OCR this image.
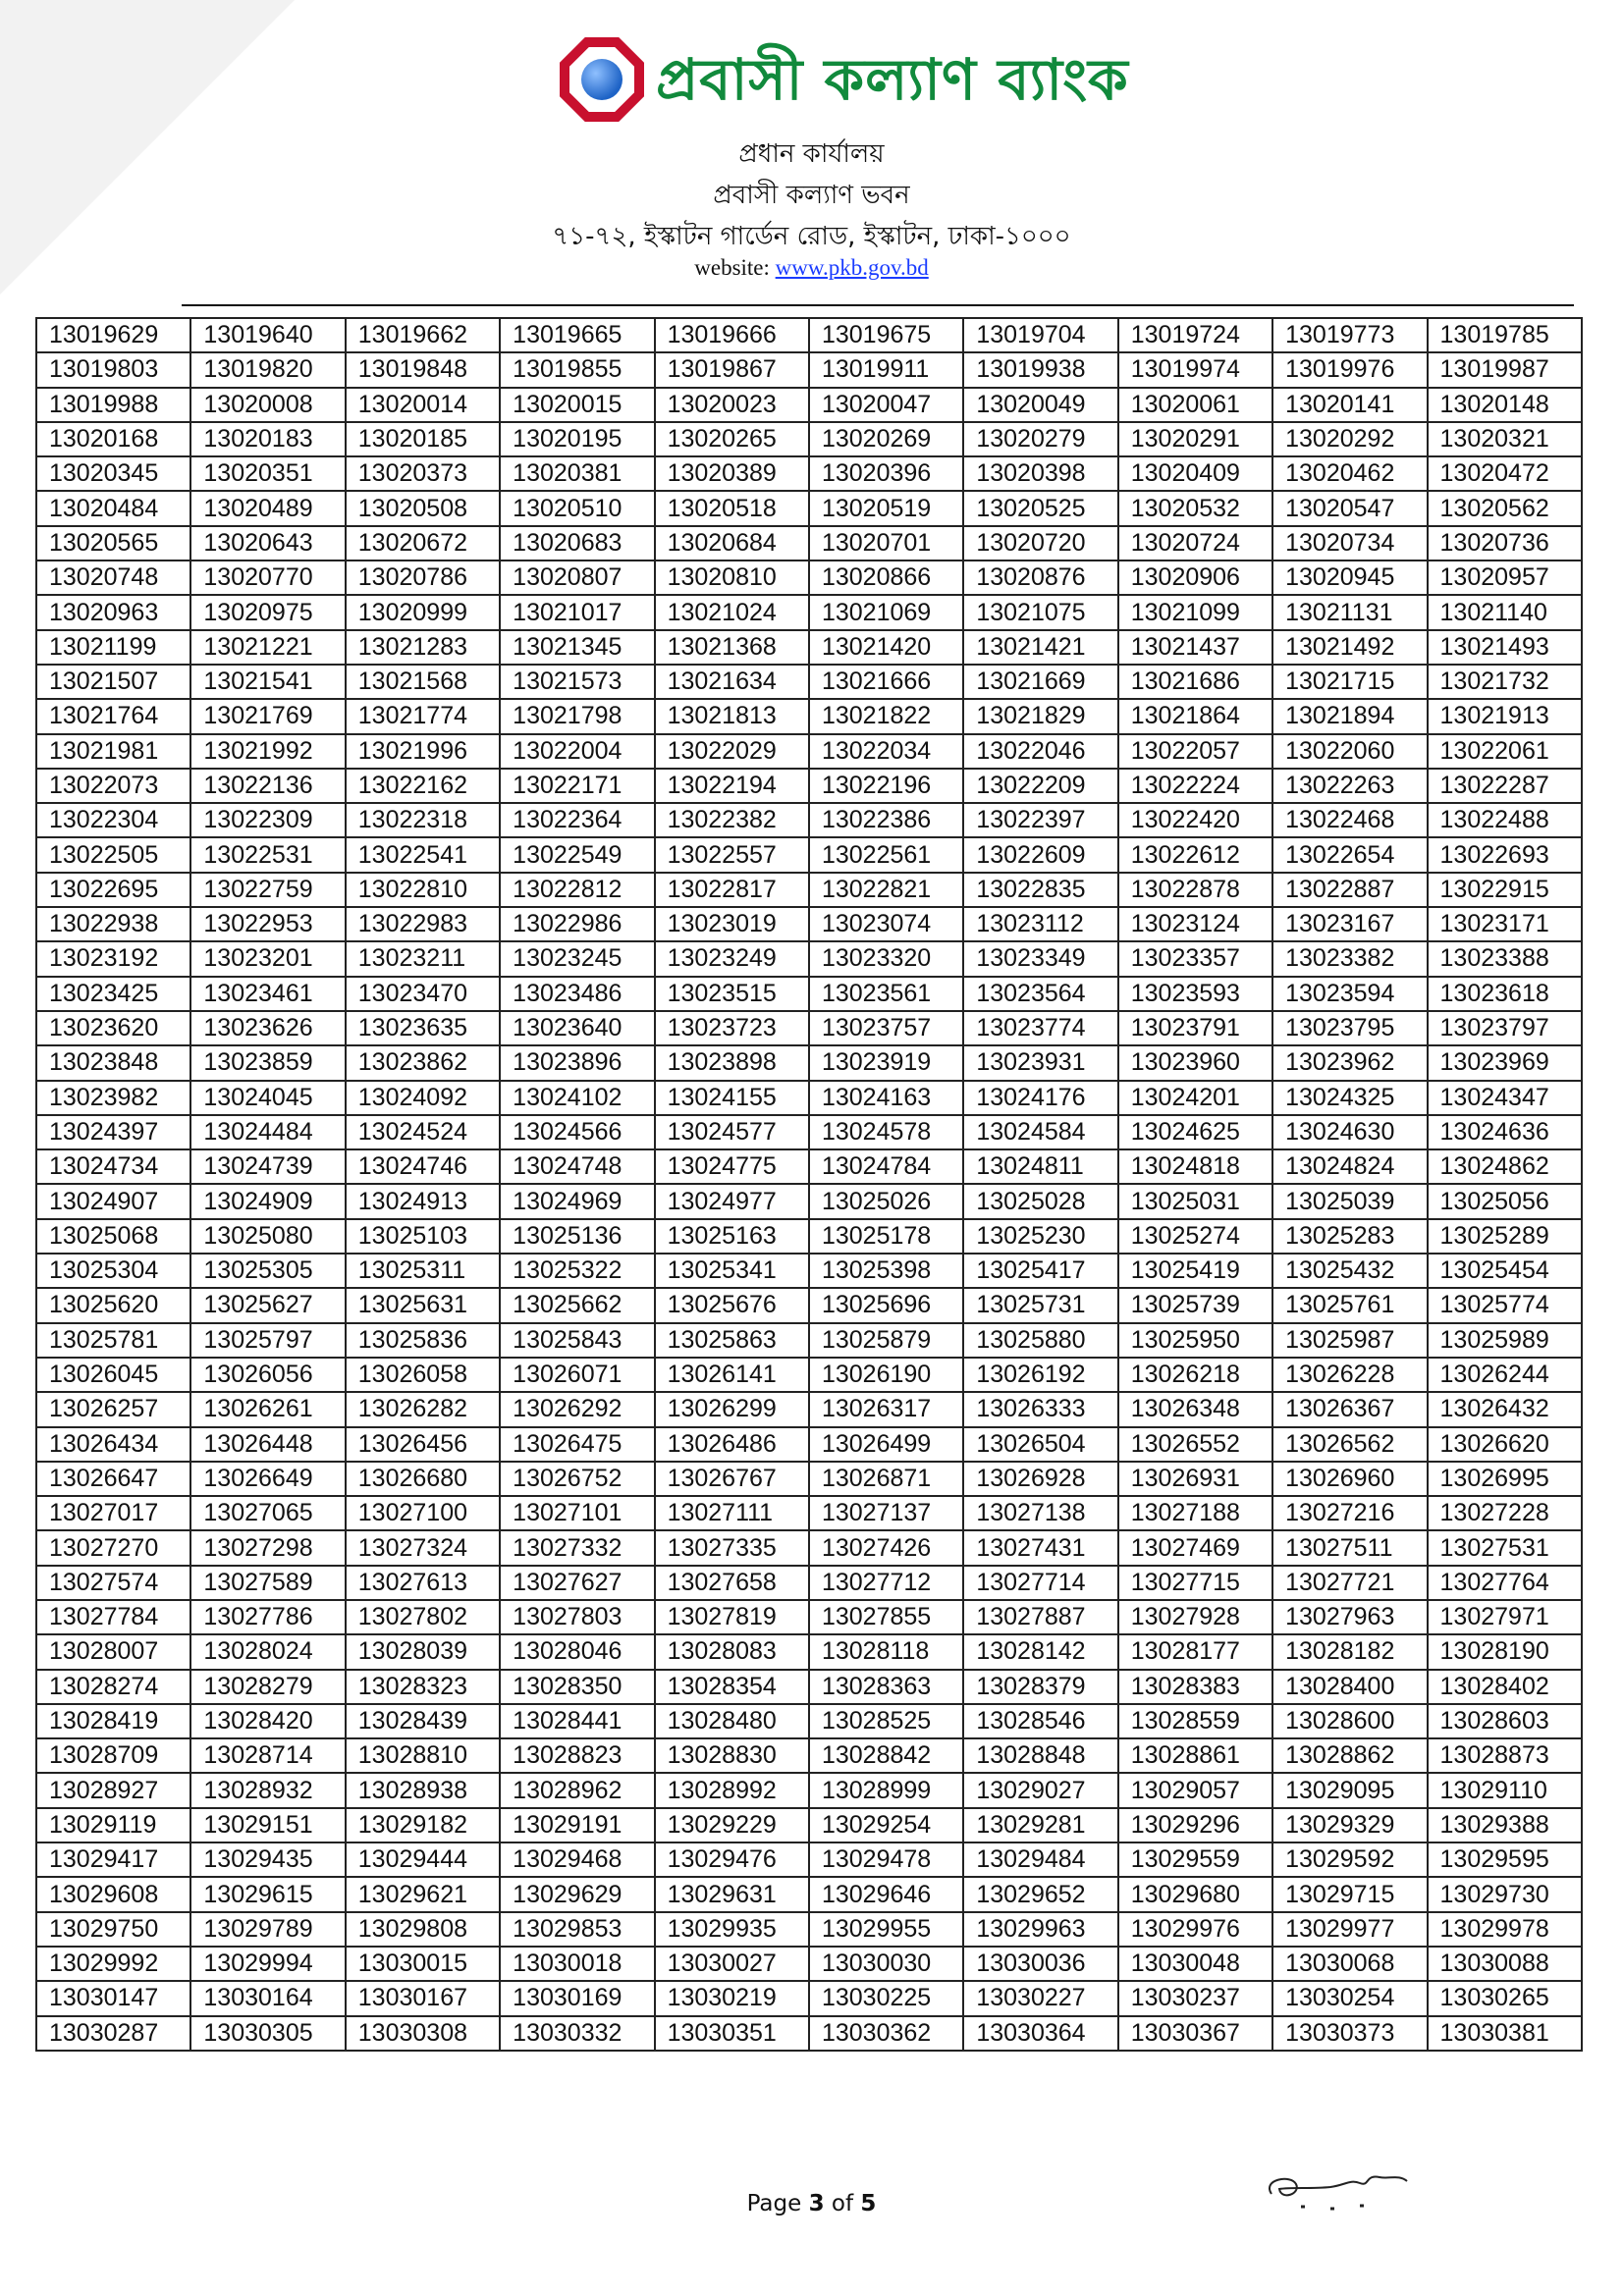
প্রবাসী কল্যাণ ব্যাংক
প্রধান কার্যালয়
প্রবাসী কল্যাণ ভবন
৭১-৭২, ইস্কাটন গার্ডেন রোড, ইস্কাটন, ঢাকা-১০০০
website: www.pkb.gov.bd
13019629	13019640	13019662	13019665	13019666	13019675	13019704	13019724	13019773	13019785
13019803	13019820	13019848	13019855	13019867	13019911	13019938	13019974	13019976	13019987
13019988	13020008	13020014	13020015	13020023	13020047	13020049	13020061	13020141	13020148
13020168	13020183	13020185	13020195	13020265	13020269	13020279	13020291	13020292	13020321
13020345	13020351	13020373	13020381	13020389	13020396	13020398	13020409	13020462	13020472
13020484	13020489	13020508	13020510	13020518	13020519	13020525	13020532	13020547	13020562
13020565	13020643	13020672	13020683	13020684	13020701	13020720	13020724	13020734	13020736
13020748	13020770	13020786	13020807	13020810	13020866	13020876	13020906	13020945	13020957
13020963	13020975	13020999	13021017	13021024	13021069	13021075	13021099	13021131	13021140
13021199	13021221	13021283	13021345	13021368	13021420	13021421	13021437	13021492	13021493
13021507	13021541	13021568	13021573	13021634	13021666	13021669	13021686	13021715	13021732
13021764	13021769	13021774	13021798	13021813	13021822	13021829	13021864	13021894	13021913
13021981	13021992	13021996	13022004	13022029	13022034	13022046	13022057	13022060	13022061
13022073	13022136	13022162	13022171	13022194	13022196	13022209	13022224	13022263	13022287
13022304	13022309	13022318	13022364	13022382	13022386	13022397	13022420	13022468	13022488
13022505	13022531	13022541	13022549	13022557	13022561	13022609	13022612	13022654	13022693
13022695	13022759	13022810	13022812	13022817	13022821	13022835	13022878	13022887	13022915
13022938	13022953	13022983	13022986	13023019	13023074	13023112	13023124	13023167	13023171
13023192	13023201	13023211	13023245	13023249	13023320	13023349	13023357	13023382	13023388
13023425	13023461	13023470	13023486	13023515	13023561	13023564	13023593	13023594	13023618
13023620	13023626	13023635	13023640	13023723	13023757	13023774	13023791	13023795	13023797
13023848	13023859	13023862	13023896	13023898	13023919	13023931	13023960	13023962	13023969
13023982	13024045	13024092	13024102	13024155	13024163	13024176	13024201	13024325	13024347
13024397	13024484	13024524	13024566	13024577	13024578	13024584	13024625	13024630	13024636
13024734	13024739	13024746	13024748	13024775	13024784	13024811	13024818	13024824	13024862
13024907	13024909	13024913	13024969	13024977	13025026	13025028	13025031	13025039	13025056
13025068	13025080	13025103	13025136	13025163	13025178	13025230	13025274	13025283	13025289
13025304	13025305	13025311	13025322	13025341	13025398	13025417	13025419	13025432	13025454
13025620	13025627	13025631	13025662	13025676	13025696	13025731	13025739	13025761	13025774
13025781	13025797	13025836	13025843	13025863	13025879	13025880	13025950	13025987	13025989
13026045	13026056	13026058	13026071	13026141	13026190	13026192	13026218	13026228	13026244
13026257	13026261	13026282	13026292	13026299	13026317	13026333	13026348	13026367	13026432
13026434	13026448	13026456	13026475	13026486	13026499	13026504	13026552	13026562	13026620
13026647	13026649	13026680	13026752	13026767	13026871	13026928	13026931	13026960	13026995
13027017	13027065	13027100	13027101	13027111	13027137	13027138	13027188	13027216	13027228
13027270	13027298	13027324	13027332	13027335	13027426	13027431	13027469	13027511	13027531
13027574	13027589	13027613	13027627	13027658	13027712	13027714	13027715	13027721	13027764
13027784	13027786	13027802	13027803	13027819	13027855	13027887	13027928	13027963	13027971
13028007	13028024	13028039	13028046	13028083	13028118	13028142	13028177	13028182	13028190
13028274	13028279	13028323	13028350	13028354	13028363	13028379	13028383	13028400	13028402
13028419	13028420	13028439	13028441	13028480	13028525	13028546	13028559	13028600	13028603
13028709	13028714	13028810	13028823	13028830	13028842	13028848	13028861	13028862	13028873
13028927	13028932	13028938	13028962	13028992	13028999	13029027	13029057	13029095	13029110
13029119	13029151	13029182	13029191	13029229	13029254	13029281	13029296	13029329	13029388
13029417	13029435	13029444	13029468	13029476	13029478	13029484	13029559	13029592	13029595
13029608	13029615	13029621	13029629	13029631	13029646	13029652	13029680	13029715	13029730
13029750	13029789	13029808	13029853	13029935	13029955	13029963	13029976	13029977	13029978
13029992	13029994	13030015	13030018	13030027	13030030	13030036	13030048	13030068	13030088
13030147	13030164	13030167	13030169	13030219	13030225	13030227	13030237	13030254	13030265
13030287	13030305	13030308	13030332	13030351	13030362	13030364	13030367	13030373	13030381
Page 3 of 5
